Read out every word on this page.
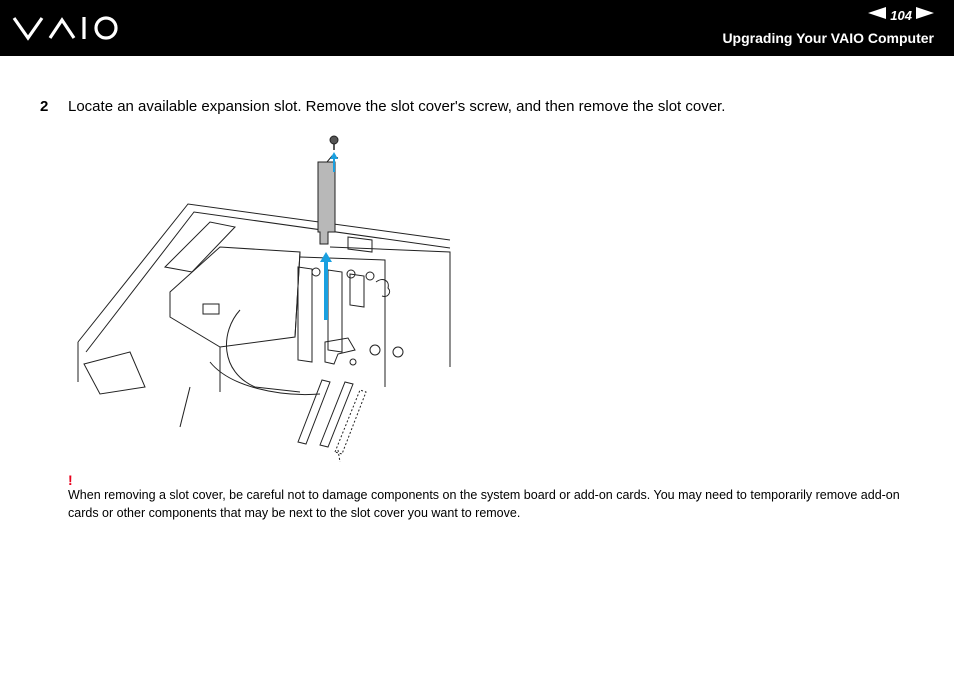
104
Upgrading Your VAIO Computer
2	Locate an available expansion slot. Remove the slot cover's screw, and then remove the slot cover.
!
When removing a slot cover, be careful not to damage components on the system board or add-on cards. You may need to temporarily remove add-on cards or other components that may be next to the slot cover you want to remove.
